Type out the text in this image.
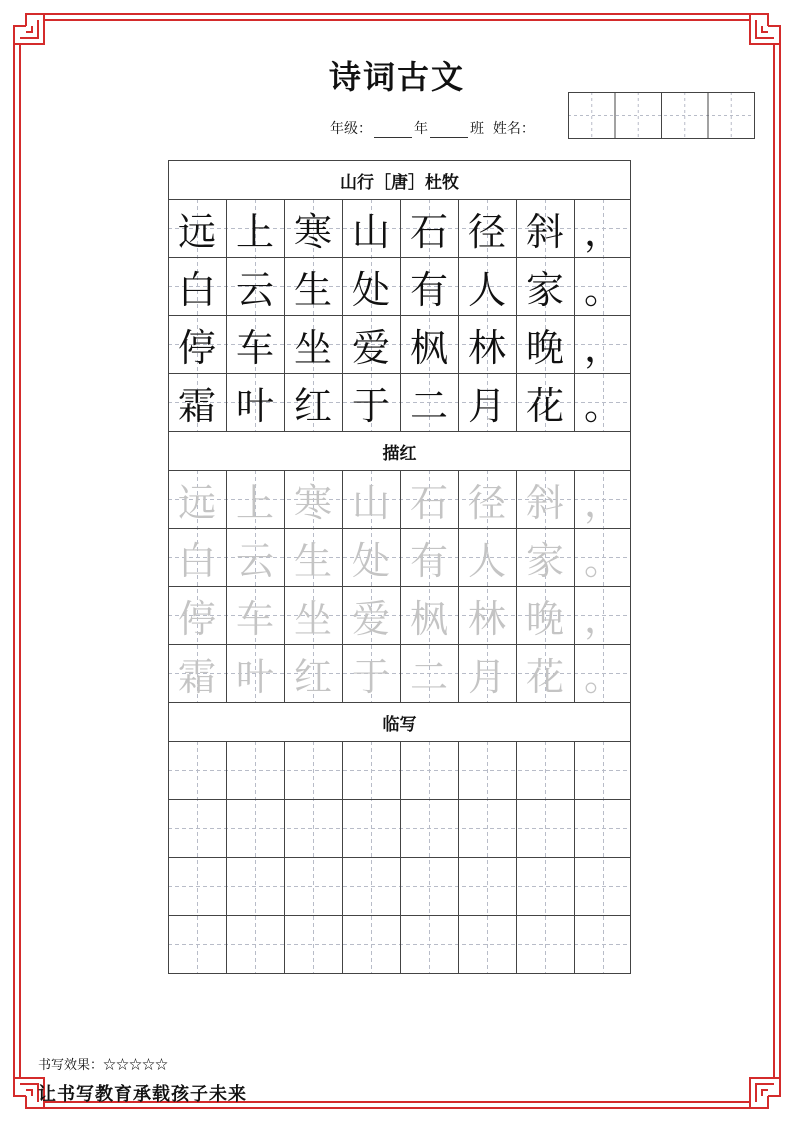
诗词古文
年级：	年	班 姓名：
山行［唐］杜牧
远 上 寒 山 石 径 斜 ，
白 云 生 处 有 人 家 。
停 车 坐 爱 枫 林 晚 ，
霜 叶 红 于 二 月 花 。
描红
远 上 寒 山 石 径 斜 ，
白 云 生 处 有 人 家 。
停 车 坐 爱 枫 林 晚 ，
霜 叶 红 于 二 月 花 。
临写
书写效果：☆☆☆☆☆
让书写教育承载孩子未来
